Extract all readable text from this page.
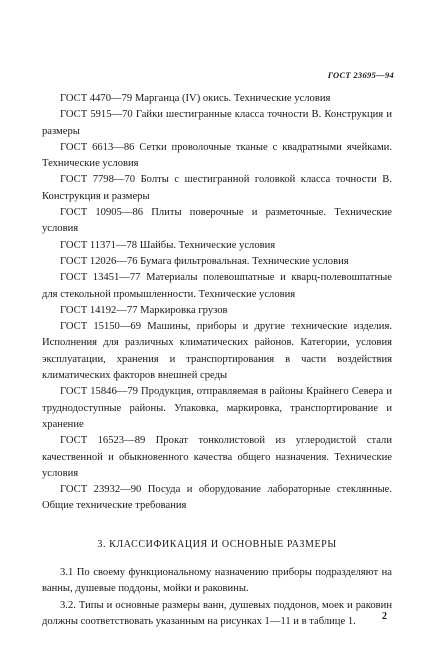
ГОСТ 23695—94

ГОСТ 4470—79 Марганца (IV) окись. Технические условия

ГОСТ 5915—70 Гайки шестигранные класса точности В. Конструкция и размеры

ГОСТ 6613—86 Сетки проволочные тканые с квадратными ячейками. Технические условия

ГОСТ 7798—70 Болты с шестигранной головкой класса точности В. Конструкция и размеры

ГОСТ 10905—86 Плиты поверочные и разметочные. Технические условия

ГОСТ 11371—78 Шайбы. Технические условия

ГОСТ 12026—76 Бумага фильтровальная. Технические условия

ГОСТ 13451—77 Материалы полевошпатные и кварц-полевошпатные для стекольной промышленности. Технические условия

ГОСТ 14192—77 Маркировка грузов

ГОСТ 15150—69 Машины, приборы и другие технические изделия. Исполнения для различных климатических районов. Категории, условия эксплуатации, хранения и транспортирования в части воздействия климатических факторов внешней среды

ГОСТ 15846—79 Продукция, отправляемая в районы Крайнего Севера и труднодоступные районы. Упаковка, маркировка, транспортирование и хранение

ГОСТ 16523—89 Прокат тонколистовой из углеродистой стали качественной и обыкновенного качества общего назначения. Технические условия

ГОСТ 23932—90 Посуда и оборудование лабораторные стеклянные. Общие технические требования

3. КЛАССИФИКАЦИЯ И ОСНОВНЫЕ РАЗМЕРЫ

3.1 По своему функциональному назначению приборы подразделяют на ванны, душевые поддоны, мойки и раковины.

3.2. Типы и основные размеры ванн, душевых поддонов, моек и раковин должны соответствовать указанным на рисунках 1—11 и в таблице 1.	2
